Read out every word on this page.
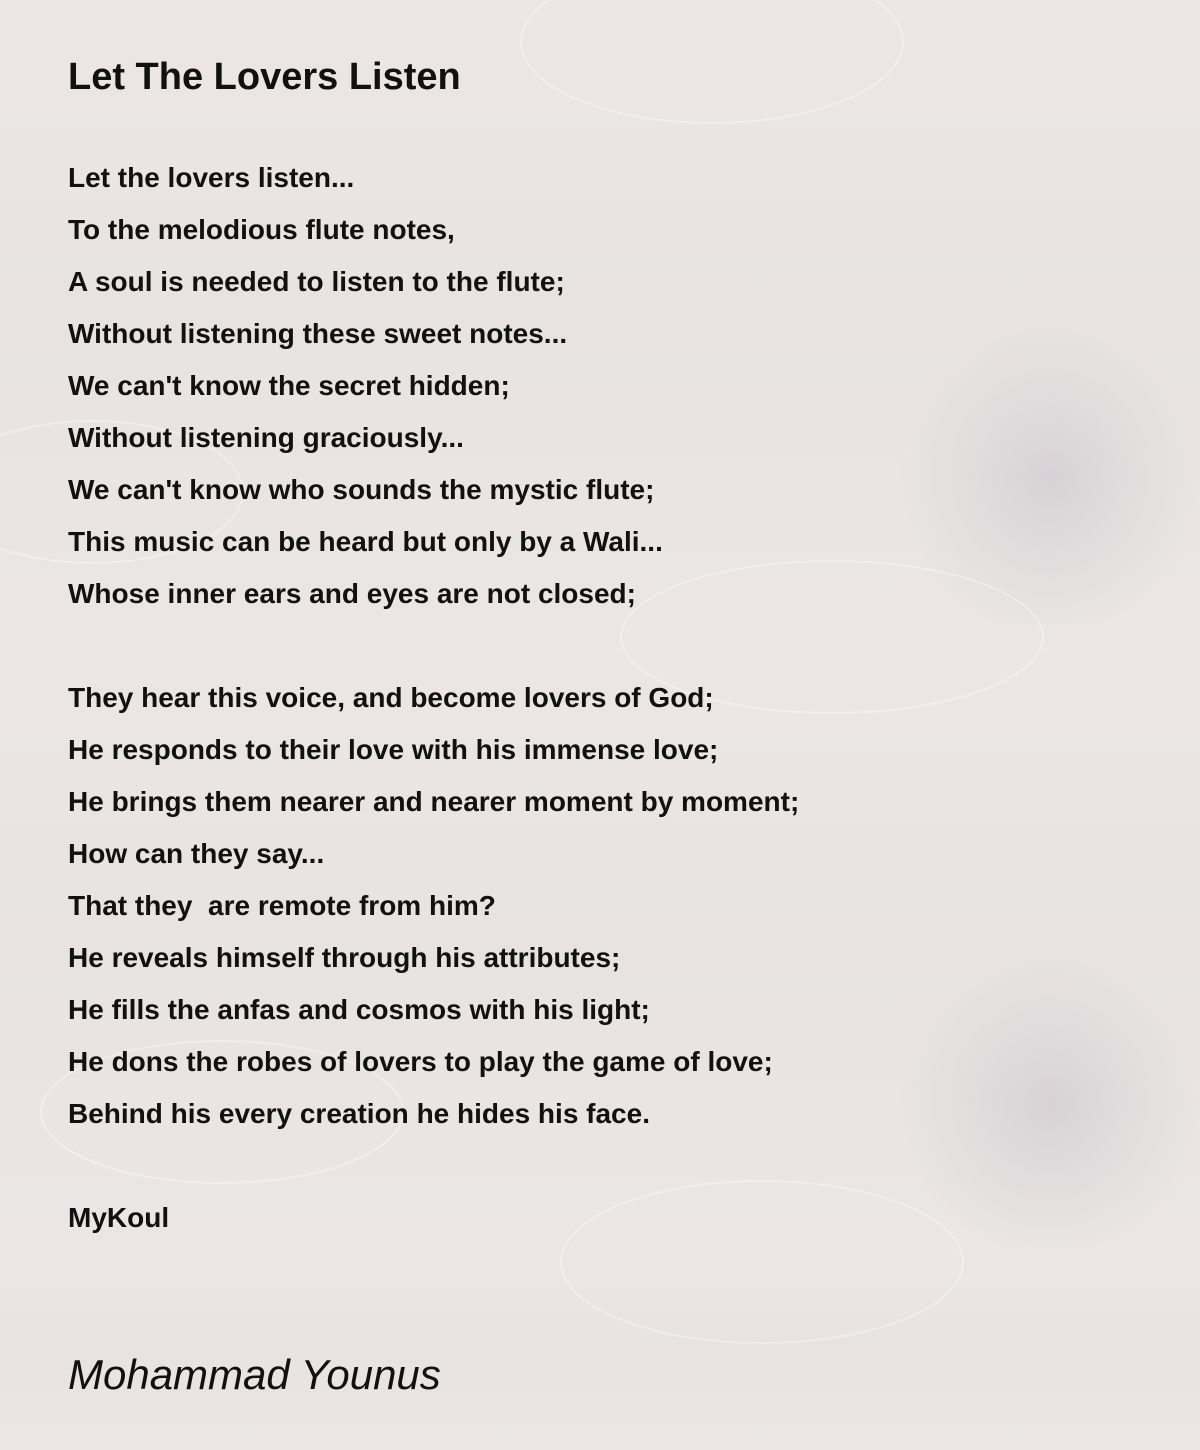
Let The Lovers Listen
Let the lovers listen...
To the melodious flute notes,
A soul is needed to listen to the flute;
Without listening these sweet notes...
We can't know the secret hidden;
Without listening graciously...
We can't know who sounds the mystic flute;
This music can be heard but only by a Wali...
Whose inner ears and eyes are not closed;
They hear this voice, and become lovers of God;
He responds to their love with his immense love;
He brings them nearer and nearer moment by moment;
How can they say...
That they  are remote from him?
He reveals himself through his attributes;
He fills the anfas and cosmos with his light;
He dons the robes of lovers to play the game of love;
Behind his every creation he hides his face.
MyKoul

Mohammad Younus
